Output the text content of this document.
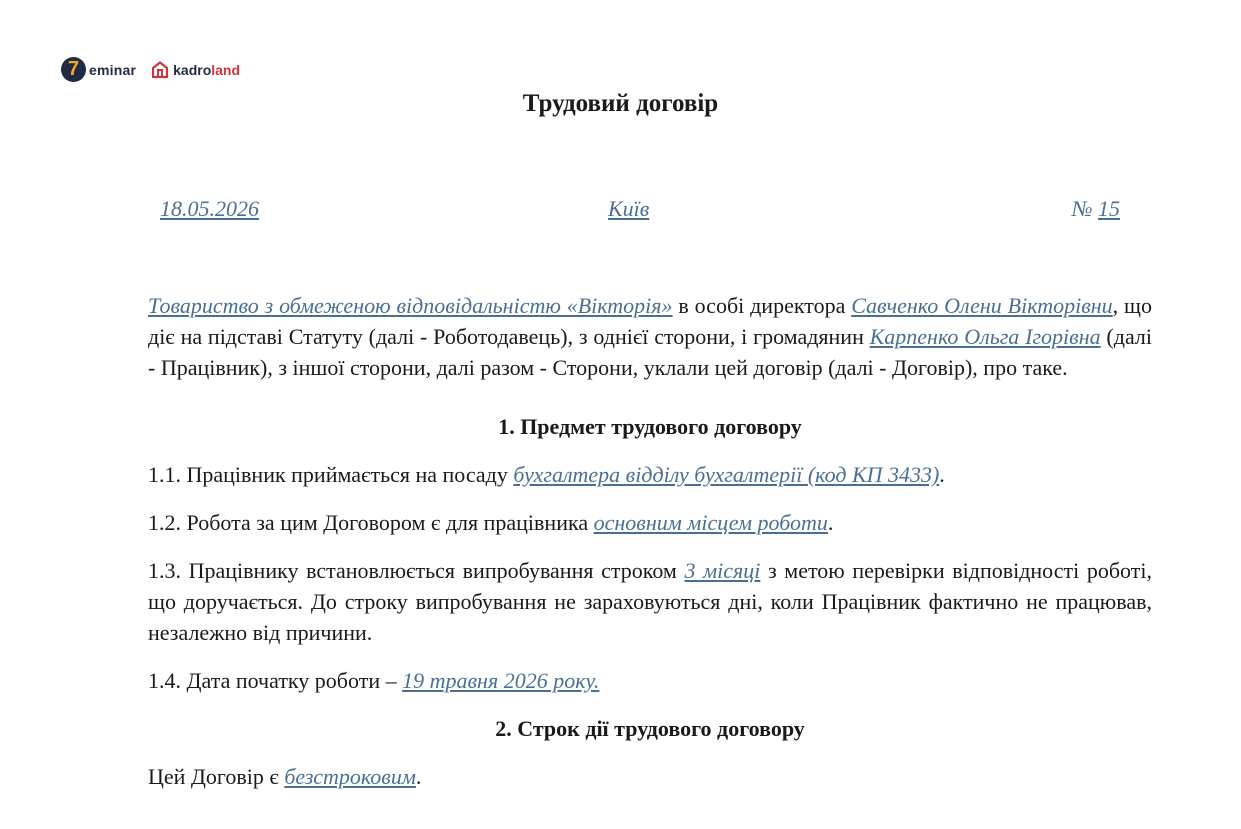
7 eminar	kadroland
Трудовий договір
18.05.2026	Київ	№ 15

Товариство з обмеженою відповідальністю «Вікторія» в особі директора Савченко Олени Вікторівни, що діє на підставі Статуту (далі - Роботодавець), з однієї сторони, і громадянин Карпенко Ольга Ігорівна (далі - Працівник), з іншої сторони, далі разом - Сторони, уклали цей договір (далі - Договір), про таке.

1. Предмет трудового договору

1.1. Працівник приймається на посаду бухгалтера відділу бухгалтерії (код КП 3433).

1.2. Робота за цим Договором є для працівника основним місцем роботи.

1.3. Працівнику встановлюється випробування строком 3 місяці з метою перевірки відповідності роботі, що доручається. До строку випробування не зараховуються дні, коли Працівник фактично не працював, незалежно від причини.

1.4. Дата початку роботи – 19 травня 2026 року.

2. Строк дії трудового договору

Цей Договір є безстроковим.
